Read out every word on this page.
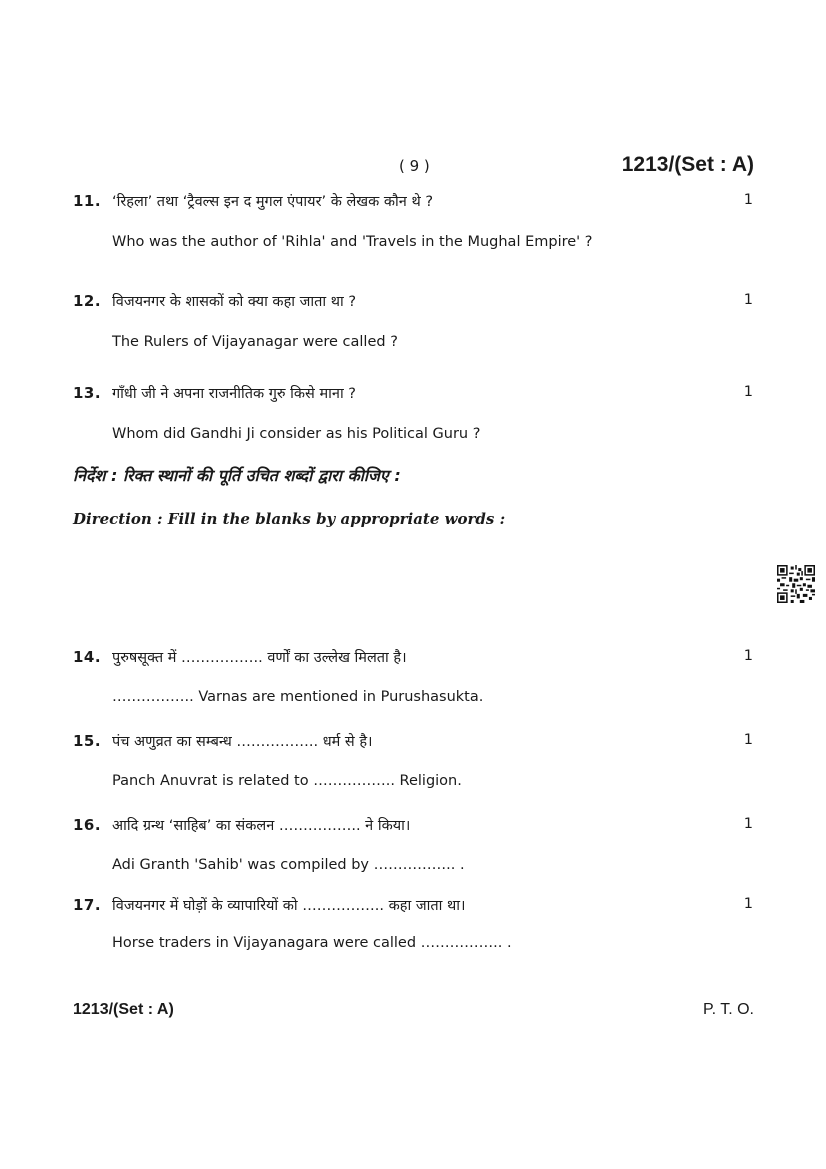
( 9 )	1213/(Set : A)
11. ‘रिहला’ तथा ‘ट्रैवल्स इन द मुगल एंपायर’ के लेखक कौन थे ?	1
Who was the author of 'Rihla' and 'Travels in the Mughal Empire' ?
12. विजयनगर के शासकों को क्या कहा जाता था ?	1
The Rulers of Vijayanagar were called ?
13. गाँधी जी ने अपना राजनीतिक गुरु किसे माना ?	1
Whom did Gandhi Ji consider as his Political Guru ?
निर्देश : रिक्त स्थानों की पूर्ति उचित शब्दों द्वारा कीजिए :
Direction : Fill in the blanks by appropriate words :
14. पुरुषसूक्त में …………….. वर्णों का उल्लेख मिलता है।	1
…………….. Varnas are mentioned in Purushasukta.
15. पंच अणुव्रत का सम्बन्ध …………….. धर्म से है।	1
Panch Anuvrat is related to …………….. Religion.
16. आदि ग्रन्थ ‘साहिब’ का संकलन …………….. ने किया।	1
Adi Granth 'Sahib' was compiled by …………….. .
17. विजयनगर में घोड़ों के व्यापारियों को …………….. कहा जाता था।	1
Horse traders in Vijayanagara were called …………….. .
1213/(Set : A)	P. T. O.
